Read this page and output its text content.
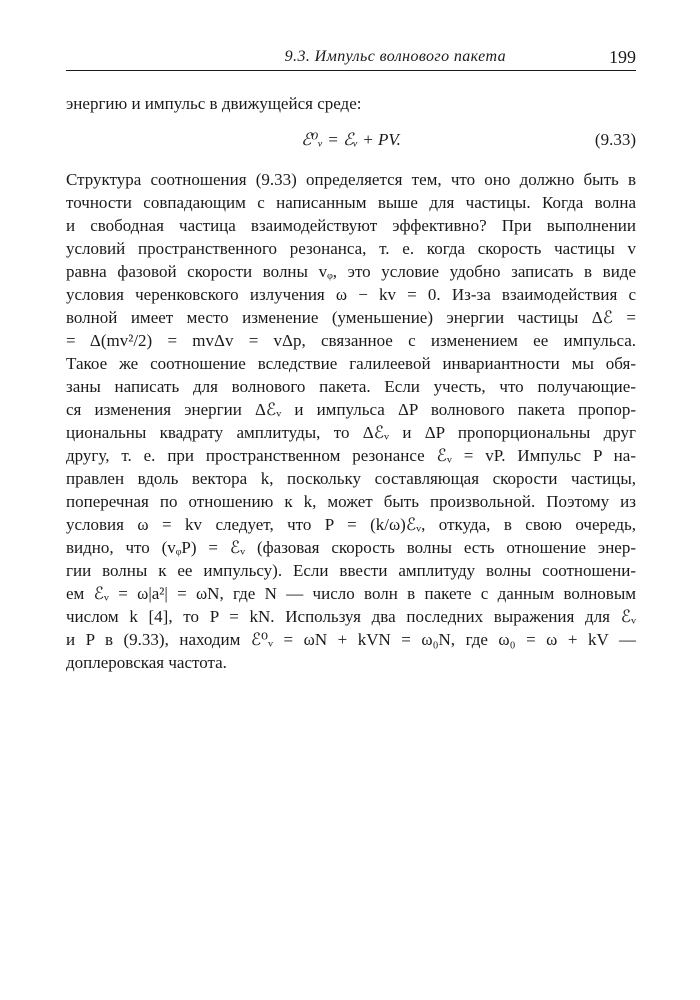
9.3. Импульс волнового пакета	199
энергию и импульс в движущейся среде:
ℰ⁰ᵥ = ℰᵥ + PV.	(9.33)
Структура соотношения (9.33) определяется тем, что оно должно быть в
точности совпадающим с написанным выше для частицы. Когда волна
и свободная частица взаимодействуют эффективно? При выполнении
условий пространственного резонанса, т. е. когда скорость частицы v
равна фазовой скорости волны vᵩ, это условие удобно записать в виде
условия черенковского излучения ω − kv = 0. Из-за взаимодействия с
волной имеет место изменение (уменьшение) энергии частицы Δℰ =
= Δ(mv²/2) = mvΔv = vΔp, связанное с изменением ее импульса.
Такое же соотношение вследствие галилеевой инвариантности мы обя-
заны написать для волнового пакета. Если учесть, что получающие-
ся изменения энергии Δℰᵥ и импульса ΔP волнового пакета пропор-
циональны квадрату амплитуды, то Δℰᵥ и ΔP пропорциональны друг
другу, т. е. при пространственном резонансе ℰᵥ = vP. Импульс P на-
правлен вдоль вектора k, поскольку составляющая скорости частицы,
поперечная по отношению к k, может быть произвольной. Поэтому из
условия ω = kv следует, что P = (k/ω)ℰᵥ, откуда, в свою очередь,
видно, что (vᵩP) = ℰᵥ (фазовая скорость волны есть отношение энер-
гии волны к ее импульсу). Если ввести амплитуду волны соотношени-
ем ℰᵥ = ω|a²| = ωN, где N — число волн в пакете с данным волновым
числом k [4], то P = kN. Используя два последних выражения для ℰᵥ
и P в (9.33), находим ℰ⁰ᵥ = ωN + kVN = ω₀N, где ω₀ = ω + kV —
доплеровская частота.
